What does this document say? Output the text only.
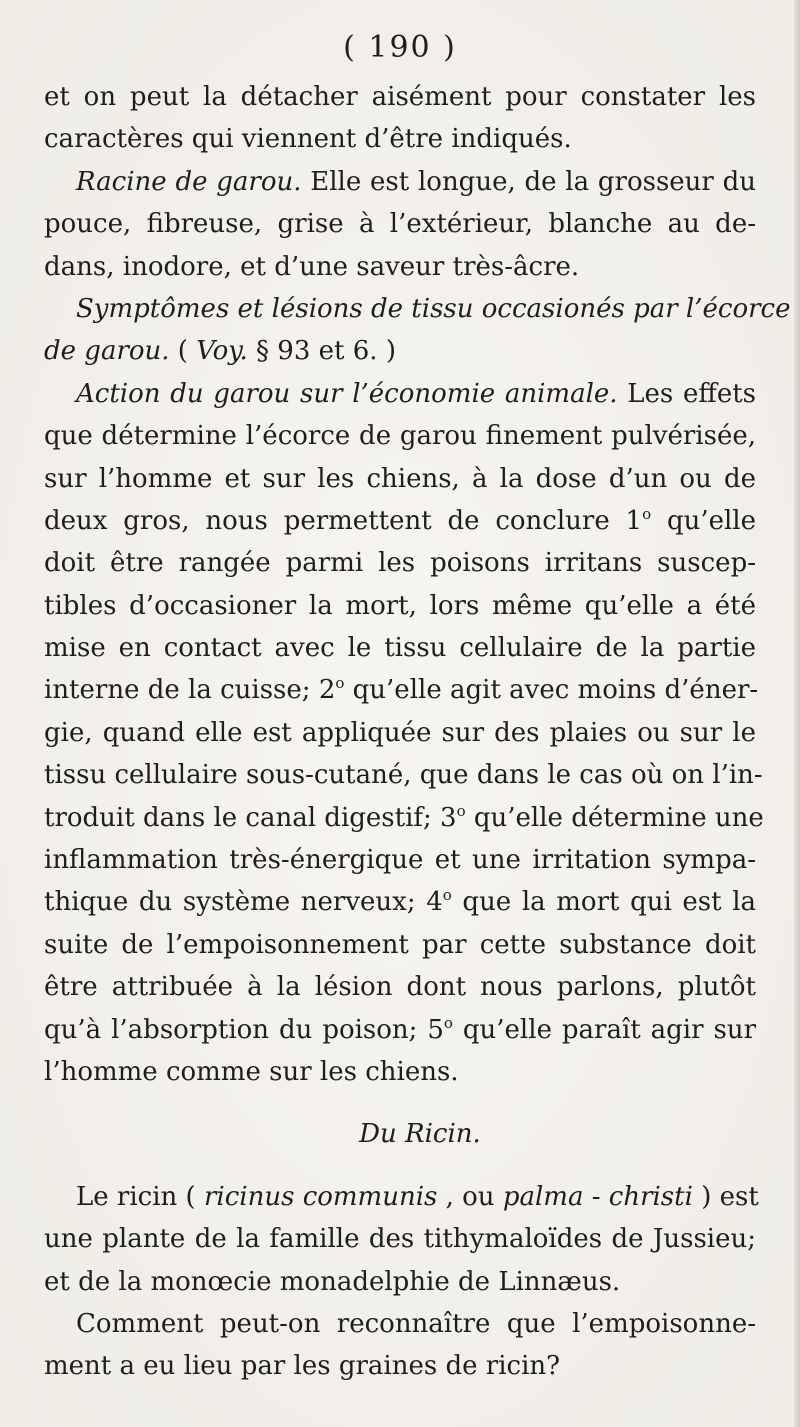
( 190 )
et on peut la détacher aisément pour constater les
caractères qui viennent d’être indiqués.
Racine de garou. Elle est longue, de la grosseur du
pouce, fibreuse, grise à l’extérieur, blanche au de-
dans, inodore, et d’une saveur très-âcre.
Symptômes et lésions de tissu occasionés par l’écorce
de garou. ( Voy. § 93 et 6. )
Action du garou sur l’économie animale. Les effets
que détermine l’écorce de garou finement pulvérisée,
sur l’homme et sur les chiens, à la dose d’un ou de
deux gros, nous permettent de conclure 1$^o$ qu’elle
doit être rangée parmi les poisons irritans suscep-
tibles d’occasioner la mort, lors même qu’elle a été
mise en contact avec le tissu cellulaire de la partie
interne de la cuisse; 2$^o$ qu’elle agit avec moins d’éner-
gie, quand elle est appliquée sur des plaies ou sur le
tissu cellulaire sous-cutané, que dans le cas où on l’in-
troduit dans le canal digestif; 3$^o$ qu’elle détermine une
inflammation très-énergique et une irritation sympa-
thique du système nerveux; 4$^o$ que la mort qui est la
suite de l’empoisonnement par cette substance doit
être attribuée à la lésion dont nous parlons, plutôt
qu’à l’absorption du poison; 5$^o$ qu’elle paraît agir sur
l’homme comme sur les chiens.
Du Ricin.
Le ricin ( ricinus communis , ou palma - christi ) est
une plante de la famille des tithymaloïdes de Jussieu;
et de la monœcie monadelphie de Linnæus.
Comment peut-on reconnaître que l’empoisonne-
ment a eu lieu par les graines de ricin?
